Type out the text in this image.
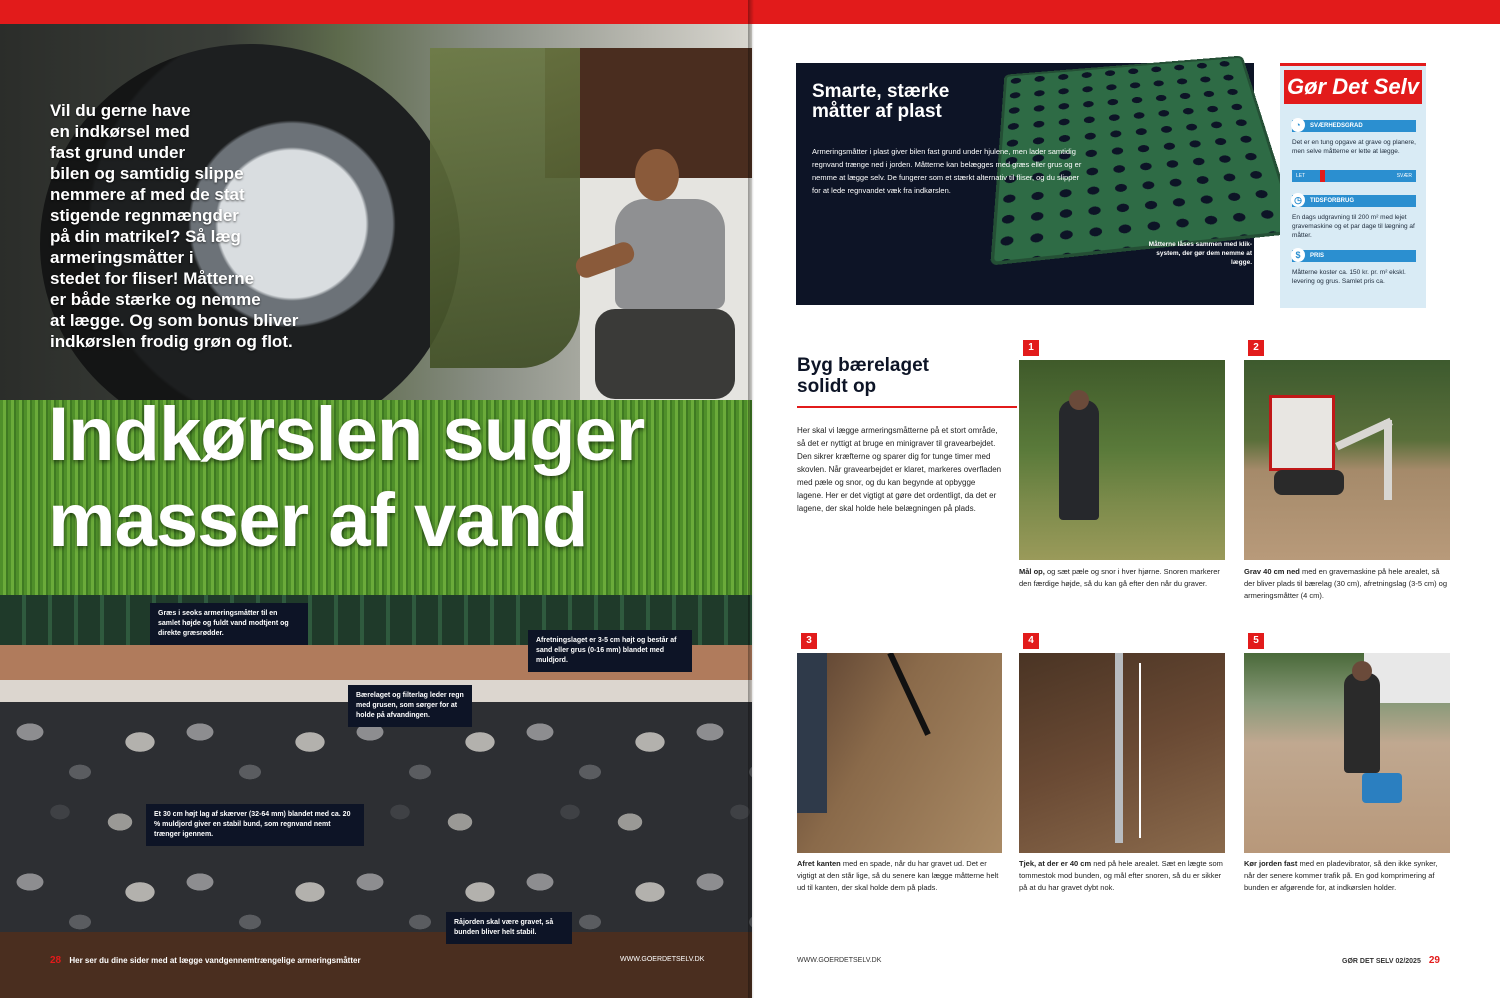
Vil du gerne have
en indkørsel med
fast grund under
bilen og samtidig slippe
nemmere af med de stat
stigende regnmængder
på din matrikel? Så læg
armeringsmåtter i
stedet for fliser! Måtterne
er både stærke og nemme
at lægge. Og som bonus bliver
indkørslen frodig grøn og flot.
Indkørslen suger
masser af vand
Græs i seoks armeringsmåtter til en samlet højde og fuldt vand modtjent og direkte græsrødder.
Afretningslaget er 3-5 cm højt og består af sand eller grus (0-16 mm) blandet med muldjord.
Bærelaget og filterlag leder regn med grusen, som sørger for at holde på afvandingen.
Et 30 cm højt lag af skærver (32-64 mm) blandet med ca. 20 % muldjord giver en stabil bund, som regnvand nemt trænger igennem.
Råjorden skal være gravet, så bunden bliver helt stabil.
28 Her ser du dine sider med at lægge vandgennemtrængelige armeringsmåtter	WWW.GOERDETSELV.DK
Smarte, stærke
måtter af plast

Armeringsmåtter i plast giver bilen fast grund under hjulene, men lader samtidig regnvand trænge ned i jorden. Måtterne kan belægges med græs eller grus og er nemme at lægge selv. De fungerer som et stærkt alternativ til fliser, og du slipper for at lede regnvandet væk fra indkørslen.

Måtterne låses sammen med klik-system, der gør dem nemme at lægge.

Gør Det Selv
◔	SVÆRHEDSGRAD

Det er en tung opgave at grave og planere, men selve måtterne er lette at lægge.

LET	SVÆR
◷	TIDSFORBRUG

En dags udgravning til 200 m² med lejet gravemaskine og et par dage til lægning af måtter.

$	PRIS

Måtterne koster ca. 150 kr. pr. m² ekskl. levering og grus. Samlet pris ca.

Byg bærelaget
solidt op

Her skal vi lægge armeringsmåtterne på et stort område, så det er nyttigt at bruge en minigraver til gravearbejdet. Den sikrer kræfterne og sparer dig for tunge timer med skovlen. Når gravearbejdet er klaret, markeres overfladen med pæle og snor, og du kan begynde at opbygge lagene. Her er det vigtigt at gøre det ordentligt, da det er lagene, der skal holde hele belægningen på plads.

1

Mål op, og sæt pæle og snor i hver hjørne. Snoren markerer den færdige højde, så du kan gå efter den når du graver.

2

Grav 40 cm ned med en gravemaskine på hele arealet, så der bliver plads til bærelag (30 cm), afretningslag (3-5 cm) og armeringsmåtter (4 cm).

3

Afret kanten med en spade, når du har gravet ud. Det er vigtigt at den står lige, så du senere kan lægge måtterne helt ud til kanten, der skal holde dem på plads.

4

Tjek, at der er 40 cm ned på hele arealet. Sæt en lægte som tommestok mod bunden, og mål efter snoren, så du er sikker på at du har gravet dybt nok.

5

Kør jorden fast med en pladevibrator, så den ikke synker, når der senere kommer trafik på. En god komprimering af bunden er afgørende for, at indkørslen holder.

WWW.GOERDETSELV.DK	GØR DET SELV 02/2025 29
